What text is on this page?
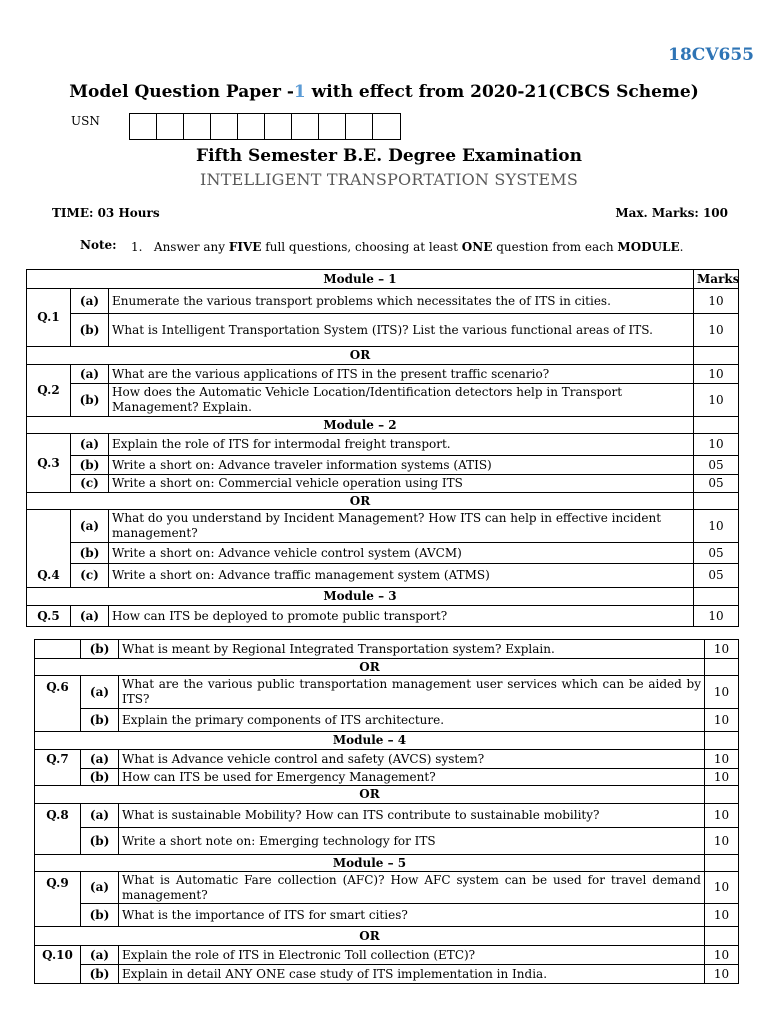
18CV655
Model Question Paper -1 with effect from 2020-21(CBCS Scheme)
USN
Fifth Semester B.E. Degree Examination
INTELLIGENT TRANSPORTATION SYSTEMS
TIME: 03 Hours	Max. Marks: 100
Note: 1. Answer any FIVE full questions, choosing at least ONE question from each MODULE.
Module – 1			Marks
Q.1	(a)	Enumerate the various transport problems which necessitates the of ITS in cities.	10
	(b)	What is Intelligent Transportation System (ITS)? List the various functional areas of ITS.	10
OR			
Q.2	(a)	What are the various applications of ITS in the present traffic scenario?	10
	(b)	How does the Automatic Vehicle Location/Identification detectors help in Transport Management? Explain.	10
Module – 2			
Q.3	(a)	Explain the role of ITS for intermodal freight transport.	10
	(b)	Write a short on: Advance traveler information systems (ATIS)	05
	(c)	Write a short on: Commercial vehicle operation using ITS	05
OR			
Q.4	(a)	What do you understand by Incident Management? How ITS can help in effective incident management?	10
	(b)	Write a short on: Advance vehicle control system (AVCM)	05
	(c)	Write a short on: Advance traffic management system (ATMS)	05
Module – 3			
Q.5	(a)	How can ITS be deployed to promote public transport?	10
	(b)	What is meant by Regional Integrated Transportation system? Explain.	10
OR			
Q.6	(a)	What are the various public transportation management user services which can be aided by ITS?	10
	(b)	Explain the primary components of ITS architecture.	10
Module – 4			
Q.7	(a)	What is Advance vehicle control and safety (AVCS) system?	10
	(b)	How can ITS be used for Emergency Management?	10
OR			
Q.8	(a)	What is sustainable Mobility? How can ITS contribute to sustainable mobility?	10
	(b)	Write a short note on: Emerging technology for ITS	10
Module – 5			
Q.9	(a)	What is Automatic Fare collection (AFC)? How AFC system can be used for travel demand management?	10
	(b)	What is the importance of ITS for smart cities?	10
OR			
Q.10	(a)	Explain the role of ITS in Electronic Toll collection (ETC)?	10
	(b)	Explain in detail ANY ONE case study of ITS implementation in India.	10
